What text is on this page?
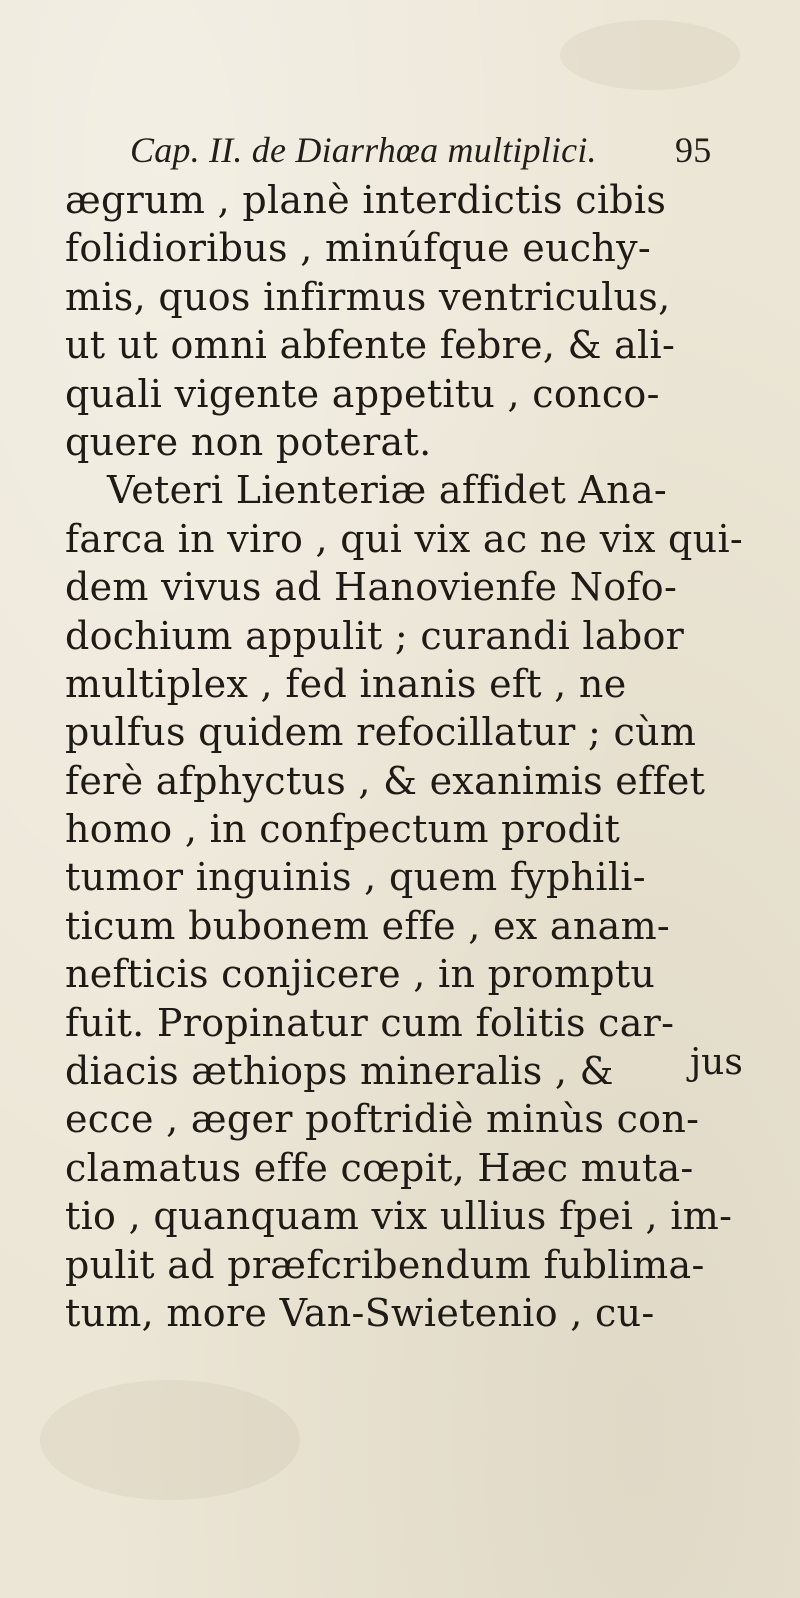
Cap. II. de Diarrhœa multiplici. 95
ægrum , planè interdictis cibis
folidioribus , minúfque euchy-
mis, quos infirmus ventriculus,
ut ut omni abfente febre, & ali-
quali vigente appetitu , conco-
quere non poterat.
Veteri Lienteriæ affidet Ana-
farca in viro , qui vix ac ne vix qui-
dem vivus ad Hanovienfe Nofo-
dochium appulit ; curandi labor
multiplex , fed inanis eft , ne
pulfus quidem refocillatur ; cùm
ferè afphyctus , & exanimis effet
homo , in confpectum prodit
tumor inguinis , quem fyphili-
ticum bubonem effe , ex anam-
nefticis conjicere , in promptu
fuit. Propinatur cum folitis car-
diacis æthiops mineralis , &
ecce , æger poftridiè minùs con-
clamatus effe cœpit, Hæc muta-
tio , quanquam vix ullius fpei , im-
pulit ad præfcribendum fublima-
tum, more Van-Swietenio , cu-
jus
